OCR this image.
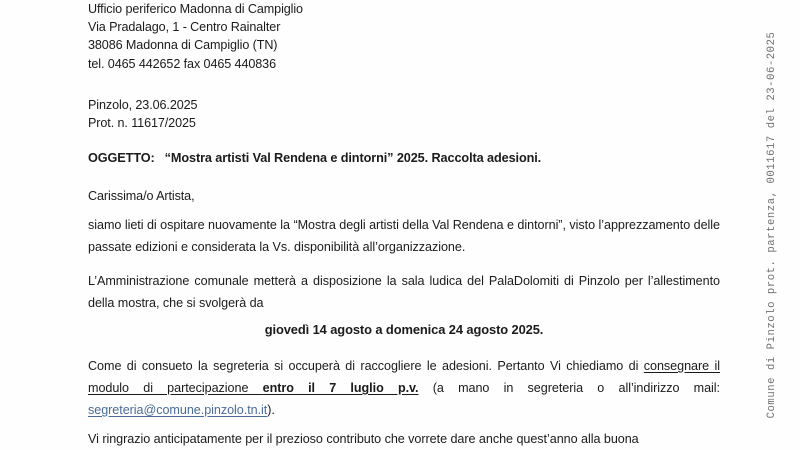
Ufficio periferico Madonna di Campiglio
Via Pradalago, 1 - Centro Rainalter
38086 Madonna di Campiglio (TN)
tel. 0465 442652 fax 0465 440836
Pinzolo, 23.06.2025
Prot. n. 11617/2025
OGGETTO: “Mostra artisti Val Rendena e dintorni” 2025. Raccolta adesioni.
Carissima/o Artista,
siamo lieti di ospitare nuovamente la “Mostra degli artisti della Val Rendena e dintorni”, visto l’apprezzamento delle passate edizioni e considerata la Vs. disponibilità all’organizzazione.
L’Amministrazione comunale metterà a disposizione la sala ludica del PalaDolomiti di Pinzolo per l’allestimento della mostra, che si svolgerà da
giovedì 14 agosto a domenica 24 agosto 2025.
Come di consueto la segreteria si occuperà di raccogliere le adesioni. Pertanto Vi chiediamo di consegnare il modulo di partecipazione entro il 7 luglio p.v. (a mano in segreteria o all’indirizzo mail: segreteria@comune.pinzolo.tn.it).
Vi ringrazio anticipatamente per il prezioso contributo che vorrete dare anche quest’anno alla buona
Comune di Pinzolo prot. partenza, 0011617 del 23-06-2025
